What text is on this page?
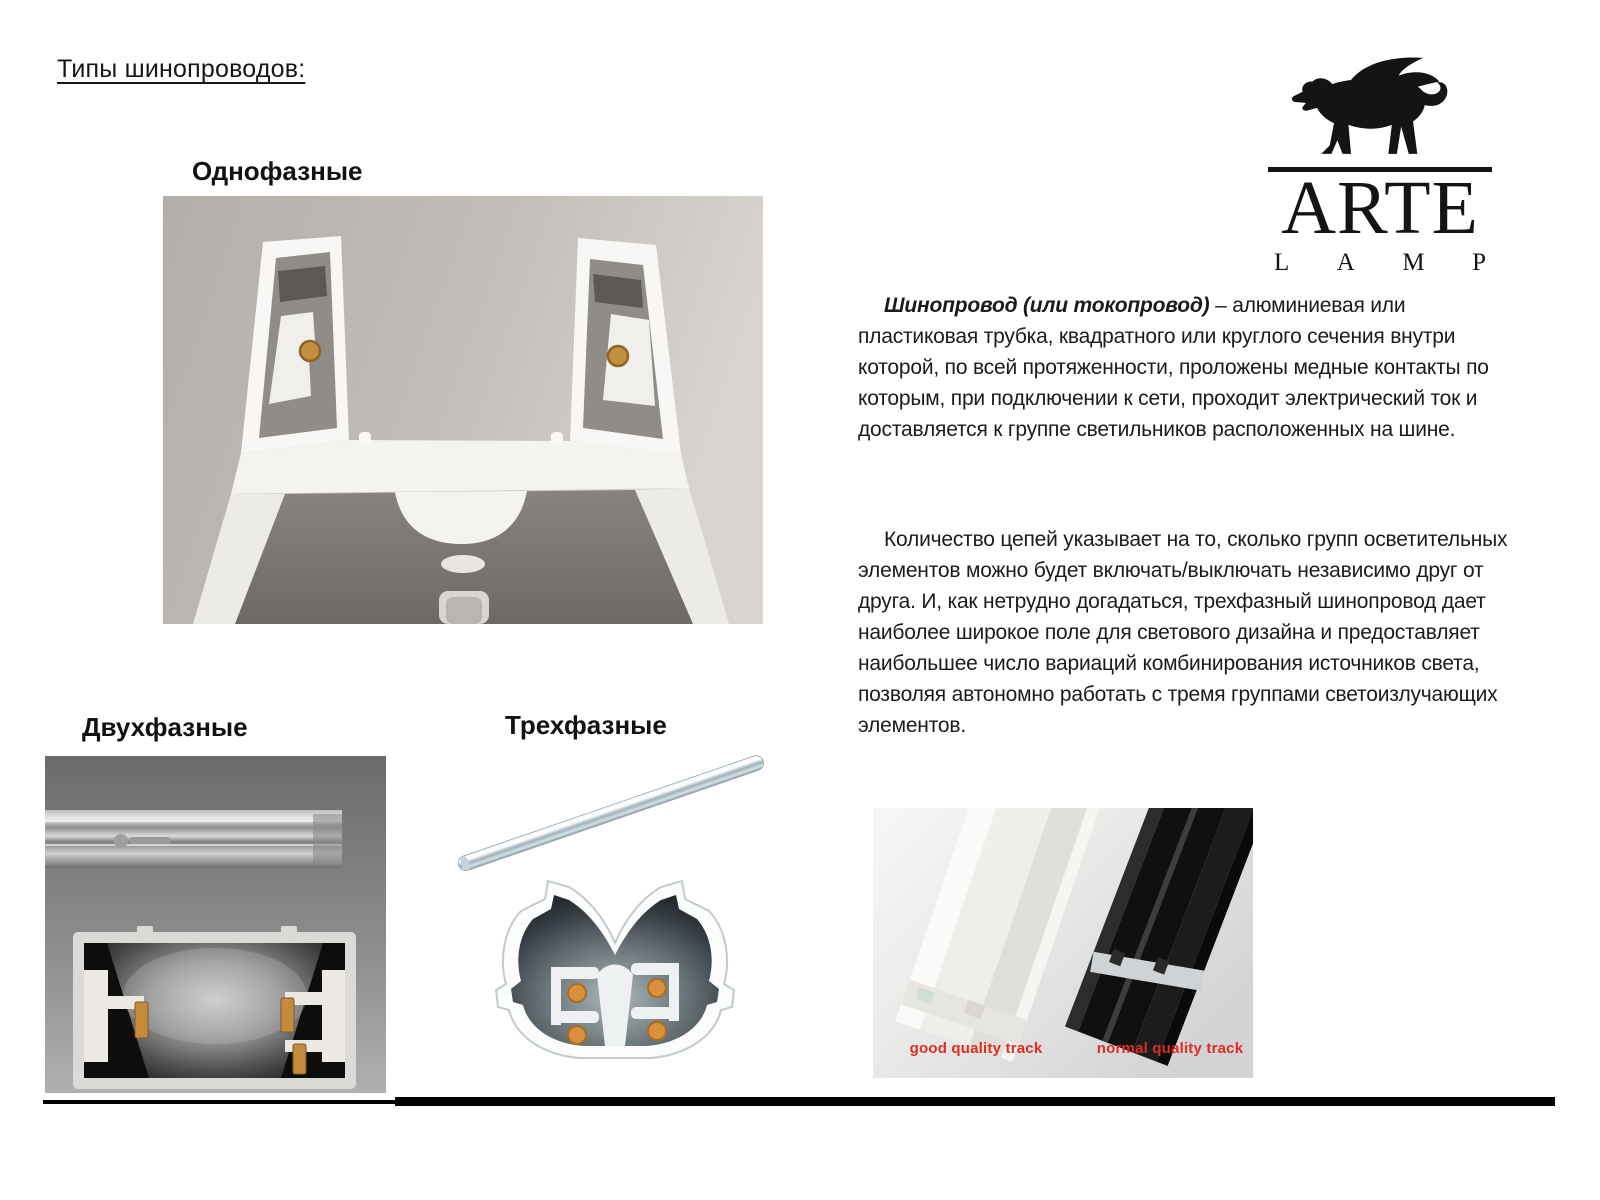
Типы шинопроводов:
Однофазные
Двухфазные	Трехфазные
ARTE
L A M P
Шинопровод (или токопровод) – алюминиевая или пластиковая трубка, квадратного или круглого сечения внутри которой, по всей протяженности, проложены медные контакты по которым, при подключении к сети, проходит электрический ток и доставляется к группе светильников расположенных на шине.
Количество цепей указывает на то, сколько групп осветительных элементов можно будет включать/выключать независимо друг от друга. И, как нетрудно догадаться, трехфазный шинопровод дает наиболее широкое поле для светового дизайна и предоставляет наибольшее число вариаций комбинирования источников света, позволяя автономно работать с тремя группами светоизлучающих элементов.
good quality track	normal quality track
